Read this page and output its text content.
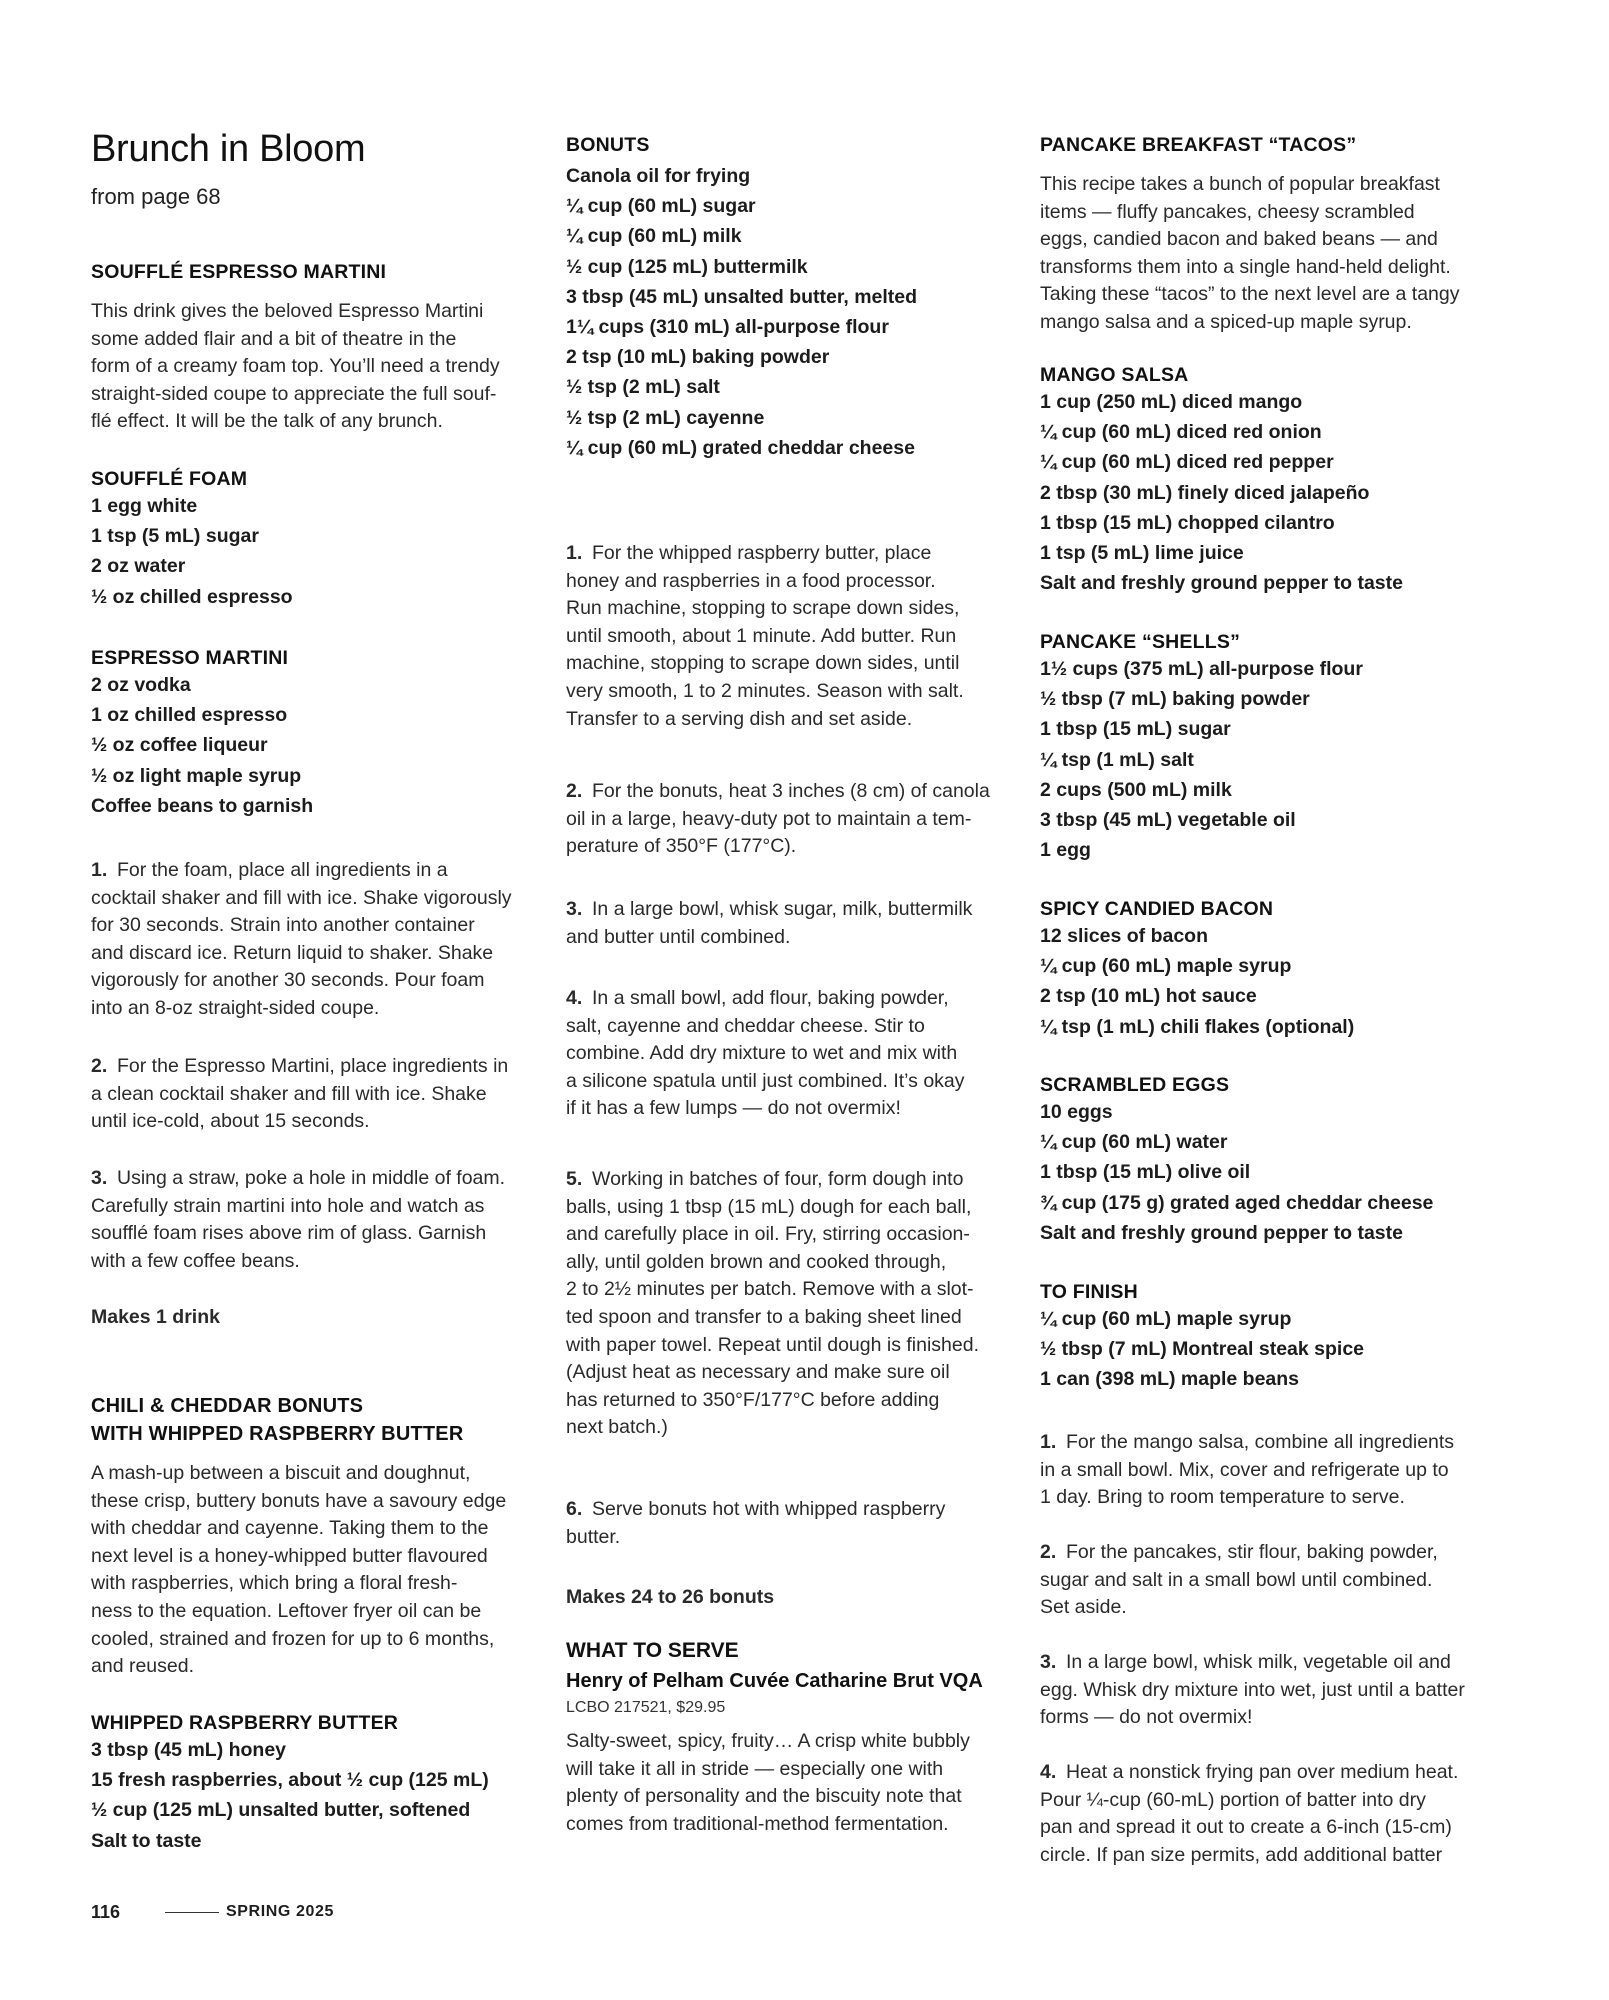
Brunch in Bloom

from page 68

SOUFFLÉ ESPRESSO MARTINI
This drink gives the beloved Espresso Martini
some added flair and a bit of theatre in the
form of a creamy foam top. You’ll need a trendy
straight-sided coupe to appreciate the full souf-
flé effect. It will be the talk of any brunch.
SOUFFLÉ FOAM
1 egg white
1 tsp (5 mL) sugar
2 oz water
½ oz chilled espresso
ESPRESSO MARTINI
2 oz vodka
1 oz chilled espresso
½ oz coffee liqueur
½ oz light maple syrup
Coffee beans to garnish
1.  For the foam, place all ingredients in a
cocktail shaker and fill with ice. Shake vigorously
for 30 seconds. Strain into another container
and discard ice. Return liquid to shaker. Shake
vigorously for another 30 seconds. Pour foam
into an 8-oz straight-sided coupe.
2.  For the Espresso Martini, place ingredients in
a clean cocktail shaker and fill with ice. Shake
until ice-cold, about 15 seconds.
3.  Using a straw, poke a hole in middle of foam.
Carefully strain martini into hole and watch as
soufflé foam rises above rim of glass. Garnish
with a few coffee beans.
Makes 1 drink
CHILI & CHEDDAR BONUTS
WITH WHIPPED RASPBERRY BUTTER
A mash-up between a biscuit and doughnut,
these crisp, buttery bonuts have a savoury edge
with cheddar and cayenne. Taking them to the
next level is a honey-whipped butter flavoured
with raspberries, which bring a floral fresh-
ness to the equation. Leftover fryer oil can be
cooled, strained and frozen for up to 6 months,
and reused.
WHIPPED RASPBERRY BUTTER
3 tbsp (45 mL) honey
15 fresh raspberries, about ½ cup (125 mL)
½ cup (125 mL) unsalted butter, softened
Salt to taste
BONUTS
Canola oil for frying
¼ cup (60 mL) sugar
¼ cup (60 mL) milk
½ cup (125 mL) buttermilk
3 tbsp (45 mL) unsalted butter, melted
1¼ cups (310 mL) all-purpose flour
2 tsp (10 mL) baking powder
½ tsp (2 mL) salt
½ tsp (2 mL) cayenne
¼ cup (60 mL) grated cheddar cheese
1.  For the whipped raspberry butter, place
honey and raspberries in a food processor.
Run machine, stopping to scrape down sides,
until smooth, about 1 minute. Add butter. Run
machine, stopping to scrape down sides, until
very smooth, 1 to 2 minutes. Season with salt.
Transfer to a serving dish and set aside.
2.  For the bonuts, heat 3 inches (8 cm) of canola
oil in a large, heavy-duty pot to maintain a tem-
perature of 350°F (177°C).
3.  In a large bowl, whisk sugar, milk, buttermilk
and butter until combined.
4.  In a small bowl, add flour, baking powder,
salt, cayenne and cheddar cheese. Stir to
combine. Add dry mixture to wet and mix with
a silicone spatula until just combined. It’s okay
if it has a few lumps — do not overmix!
5.  Working in batches of four, form dough into
balls, using 1 tbsp (15 mL) dough for each ball,
and carefully place in oil. Fry, stirring occasion-
ally, until golden brown and cooked through,
2 to 2½ minutes per batch. Remove with a slot-
ted spoon and transfer to a baking sheet lined
with paper towel. Repeat until dough is finished.
(Adjust heat as necessary and make sure oil
has returned to 350°F/177°C before adding
next batch.)
6.  Serve bonuts hot with whipped raspberry
butter.
Makes 24 to 26 bonuts
WHAT TO SERVE
Henry of Pelham Cuvée Catharine Brut VQA
LCBO 217521, $29.95
Salty-sweet, spicy, fruity… A crisp white bubbly
will take it all in stride — especially one with
plenty of personality and the biscuity note that
comes from traditional-method fermentation.
PANCAKE BREAKFAST “TACOS”
This recipe takes a bunch of popular breakfast
items — fluffy pancakes, cheesy scrambled
eggs, candied bacon and baked beans — and
transforms them into a single hand-held delight.
Taking these “tacos” to the next level are a tangy
mango salsa and a spiced-up maple syrup.
MANGO SALSA
1 cup (250 mL) diced mango
¼ cup (60 mL) diced red onion
¼ cup (60 mL) diced red pepper
2 tbsp (30 mL) finely diced jalapeño
1 tbsp (15 mL) chopped cilantro
1 tsp (5 mL) lime juice
Salt and freshly ground pepper to taste
PANCAKE “SHELLS”
1½ cups (375 mL) all-purpose flour
½ tbsp (7 mL) baking powder
1 tbsp (15 mL) sugar
¼ tsp (1 mL) salt
2 cups (500 mL) milk
3 tbsp (45 mL) vegetable oil
1 egg
SPICY CANDIED BACON
12 slices of bacon
¼ cup (60 mL) maple syrup
2 tsp (10 mL) hot sauce
¼ tsp (1 mL) chili flakes (optional)
SCRAMBLED EGGS
10 eggs
¼ cup (60 mL) water
1 tbsp (15 mL) olive oil
¾ cup (175 g) grated aged cheddar cheese
Salt and freshly ground pepper to taste
TO FINISH
¼ cup (60 mL) maple syrup
½ tbsp (7 mL) Montreal steak spice
1 can (398 mL) maple beans
1.  For the mango salsa, combine all ingredients
in a small bowl. Mix, cover and refrigerate up to
1 day. Bring to room temperature to serve.
2.  For the pancakes, stir flour, baking powder,
sugar and salt in a small bowl until combined.
Set aside.
3.  In a large bowl, whisk milk, vegetable oil and
egg. Whisk dry mixture into wet, just until a batter
forms — do not overmix!
4.  Heat a nonstick frying pan over medium heat.
Pour ¼-cup (60-mL) portion of batter into dry
pan and spread it out to create a 6-inch (15-cm)
circle. If pan size permits, add additional batter
116	SPRING 2025
